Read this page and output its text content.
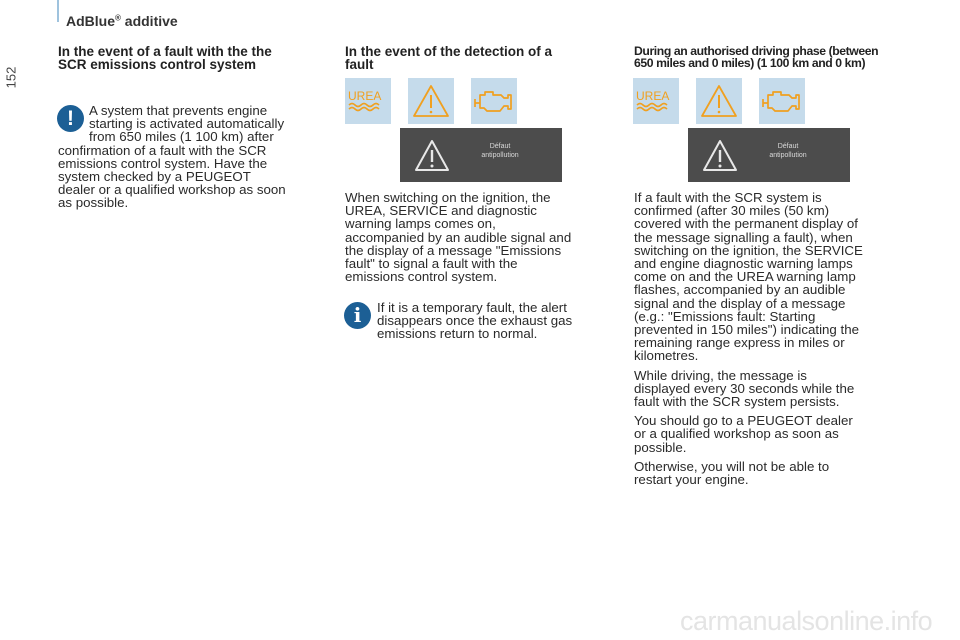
AdBlue® additive
152
In the event of a fault with the the
SCR emissions control system
!	A system that prevents engine
starting is activated automatically
from 650 miles (1 100 km) after
confirmation of a fault with the SCR
emissions control system. Have the
system checked by a PEUGEOT
dealer or a qualified workshop as soon
as possible.
In the event of the detection of a
fault
UREA
Défaut
antipollution
When switching on the ignition, the
UREA, SERVICE and diagnostic
warning lamps comes on,
accompanied by an audible signal and
the display of a message "Emissions
fault" to signal a fault with the
emissions control system.
i	If it is a temporary fault, the alert
disappears once the exhaust gas
emissions return to normal.
During an authorised driving phase (between
650 miles and 0 miles) (1 100 km and 0 km)
UREA
Défaut
antipollution

If a fault with the SCR system is
confirmed (after 30 miles (50 km)
covered with the permanent display of
the message signalling a fault), when
switching on the ignition, the SERVICE
and engine diagnostic warning lamps
come on and the UREA warning lamp
flashes, accompanied by an audible
signal and the display of a message
(e.g.: "Emissions fault: Starting
prevented in 150 miles") indicating the
remaining range express in miles or
kilometres.

While driving, the message is
displayed every 30 seconds while the
fault with the SCR system persists.

You should go to a PEUGEOT dealer
or a qualified workshop as soon as
possible.

Otherwise, you will not be able to
restart your engine.

carmanualsonline.info
